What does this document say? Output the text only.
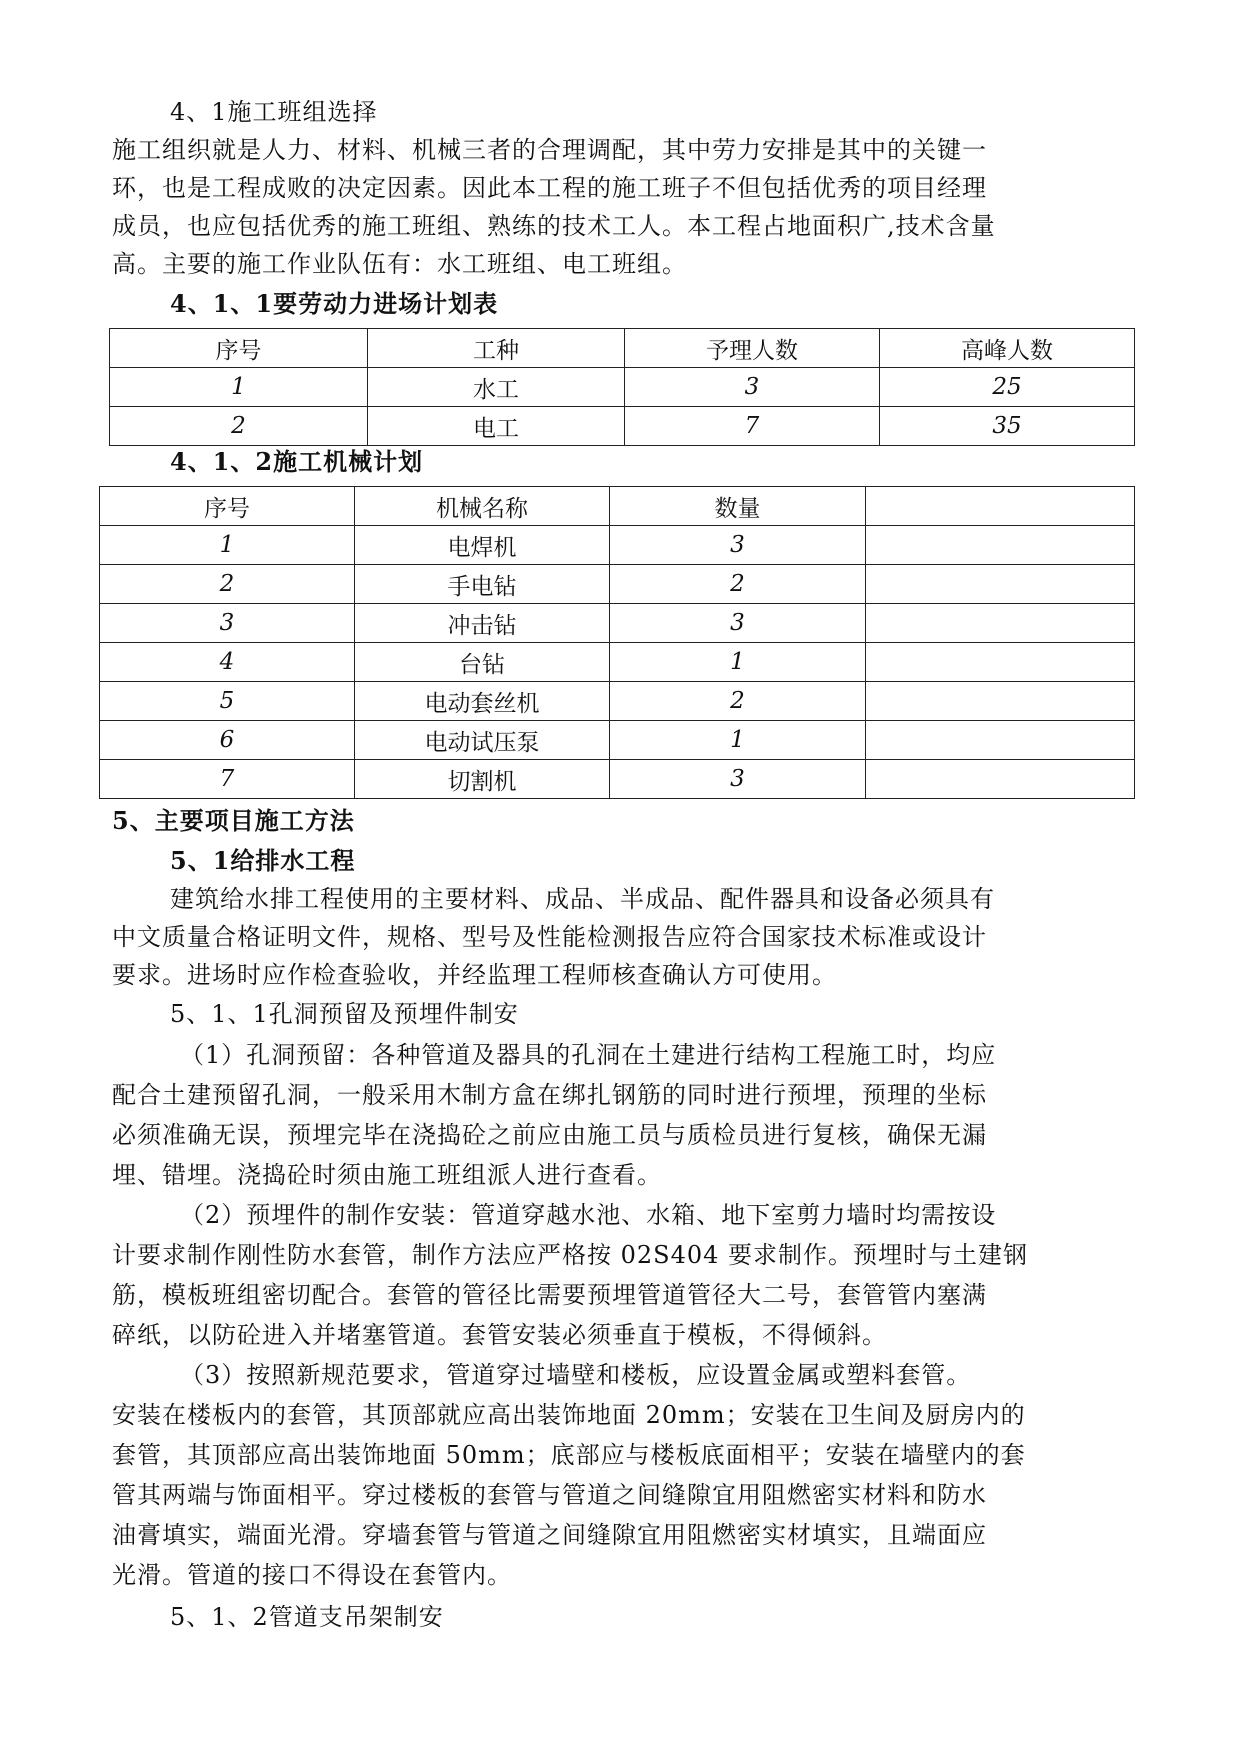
4、1施工班组选择
施工组织就是人力、材料、机械三者的合理调配，其中劳力安排是其中的关键一
环，也是工程成败的决定因素。因此本工程的施工班子不但包括优秀的项目经理
成员，也应包括优秀的施工班组、熟练的技术工人。本工程占地面积广,技术含量
高。主要的施工作业队伍有：水工班组、电工班组。
4、1、1要劳动力进场计划表
序号	工种	予理人数	高峰人数
1	水工	3	25
2	电工	7	35
4、1、2施工机械计划
序号	机械名称	数量	
1	电焊机	3	
2	手电钻	2	
3	冲击钻	3	
4	台钻	1	
5	电动套丝机	2	
6	电动试压泵	1	
7	切割机	3	
5、主要项目施工方法
5、1给排水工程
建筑给水排工程使用的主要材料、成品、半成品、配件器具和设备必须具有
中文质量合格证明文件，规格、型号及性能检测报告应符合国家技术标准或设计
要求。进场时应作检查验收，并经监理工程师核查确认方可使用。
5、1、1孔洞预留及预埋件制安
（1）孔洞预留：各种管道及器具的孔洞在土建进行结构工程施工时，均应
配合土建预留孔洞，一般采用木制方盒在绑扎钢筋的同时进行预埋，预理的坐标
必须准确无误，预埋完毕在浇捣砼之前应由施工员与质检员进行复核，确保无漏
埋、错埋。浇捣砼时须由施工班组派人进行查看。
（2）预埋件的制作安装：管道穿越水池、水箱、地下室剪力墙时均需按设
计要求制作刚性防水套管，制作方法应严格按 02S404 要求制作。预埋时与土建钢
筋，模板班组密切配合。套管的管径比需要预埋管道管径大二号，套管管内塞满
碎纸，以防砼进入并堵塞管道。套管安装必须垂直于模板，不得倾斜。
（3）按照新规范要求，管道穿过墙壁和楼板，应设置金属或塑料套管。
安装在楼板内的套管，其顶部就应高出装饰地面 20mm；安装在卫生间及厨房内的
套管，其顶部应高出装饰地面 50mm；底部应与楼板底面相平；安装在墙壁内的套
管其两端与饰面相平。穿过楼板的套管与管道之间缝隙宜用阻燃密实材料和防水
油膏填实，端面光滑。穿墙套管与管道之间缝隙宜用阻燃密实材填实，且端面应
光滑。管道的接口不得设在套管内。
5、1、2管道支吊架制安
